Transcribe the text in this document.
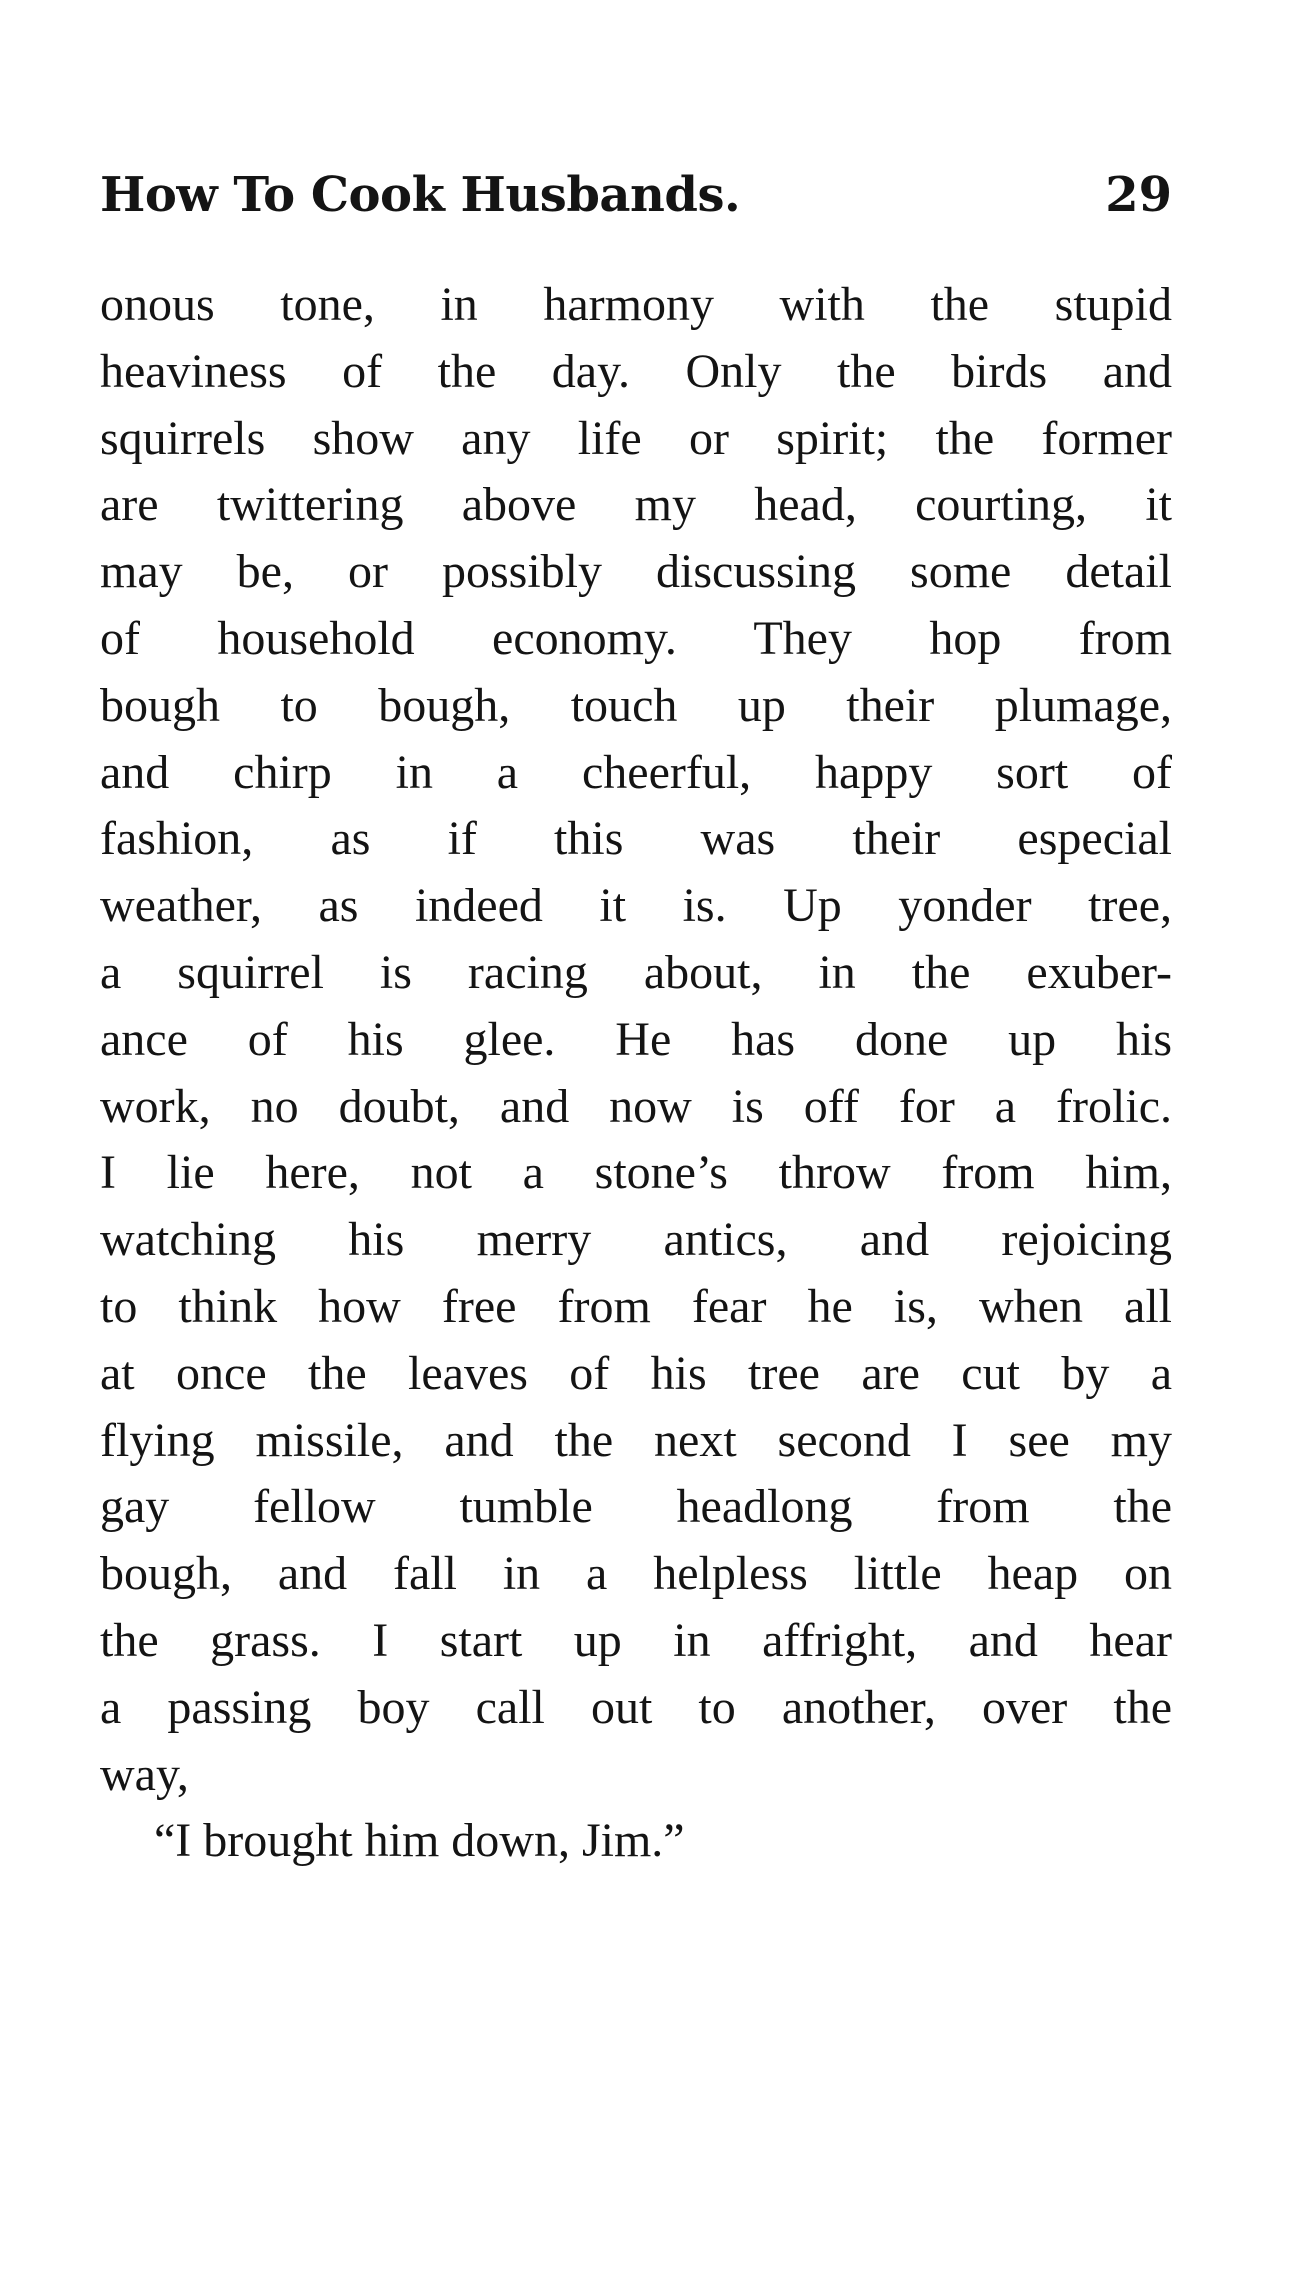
How To Cook Husbands.	29
onous tone, in harmony with the stupid
heaviness of the day. Only the birds and
squirrels show any life or spirit; the former
are twittering above my head, courting, it
may be, or possibly discussing some detail
of household economy. They hop from
bough to bough, touch up their plumage,
and chirp in a cheerful, happy sort of
fashion, as if this was their especial
weather, as indeed it is. Up yonder tree,
a squirrel is racing about, in the exuber-
ance of his glee. He has done up his
work, no doubt, and now is off for a frolic.
I lie here, not a stone’s throw from him,
watching his merry antics, and rejoicing
to think how free from fear he is, when all
at once the leaves of his tree are cut by a
flying missile, and the next second I see my
gay fellow tumble headlong from the
bough, and fall in a helpless little heap on
the grass. I start up in affright, and hear
a passing boy call out to another, over the
way,
“I brought him down, Jim.”
